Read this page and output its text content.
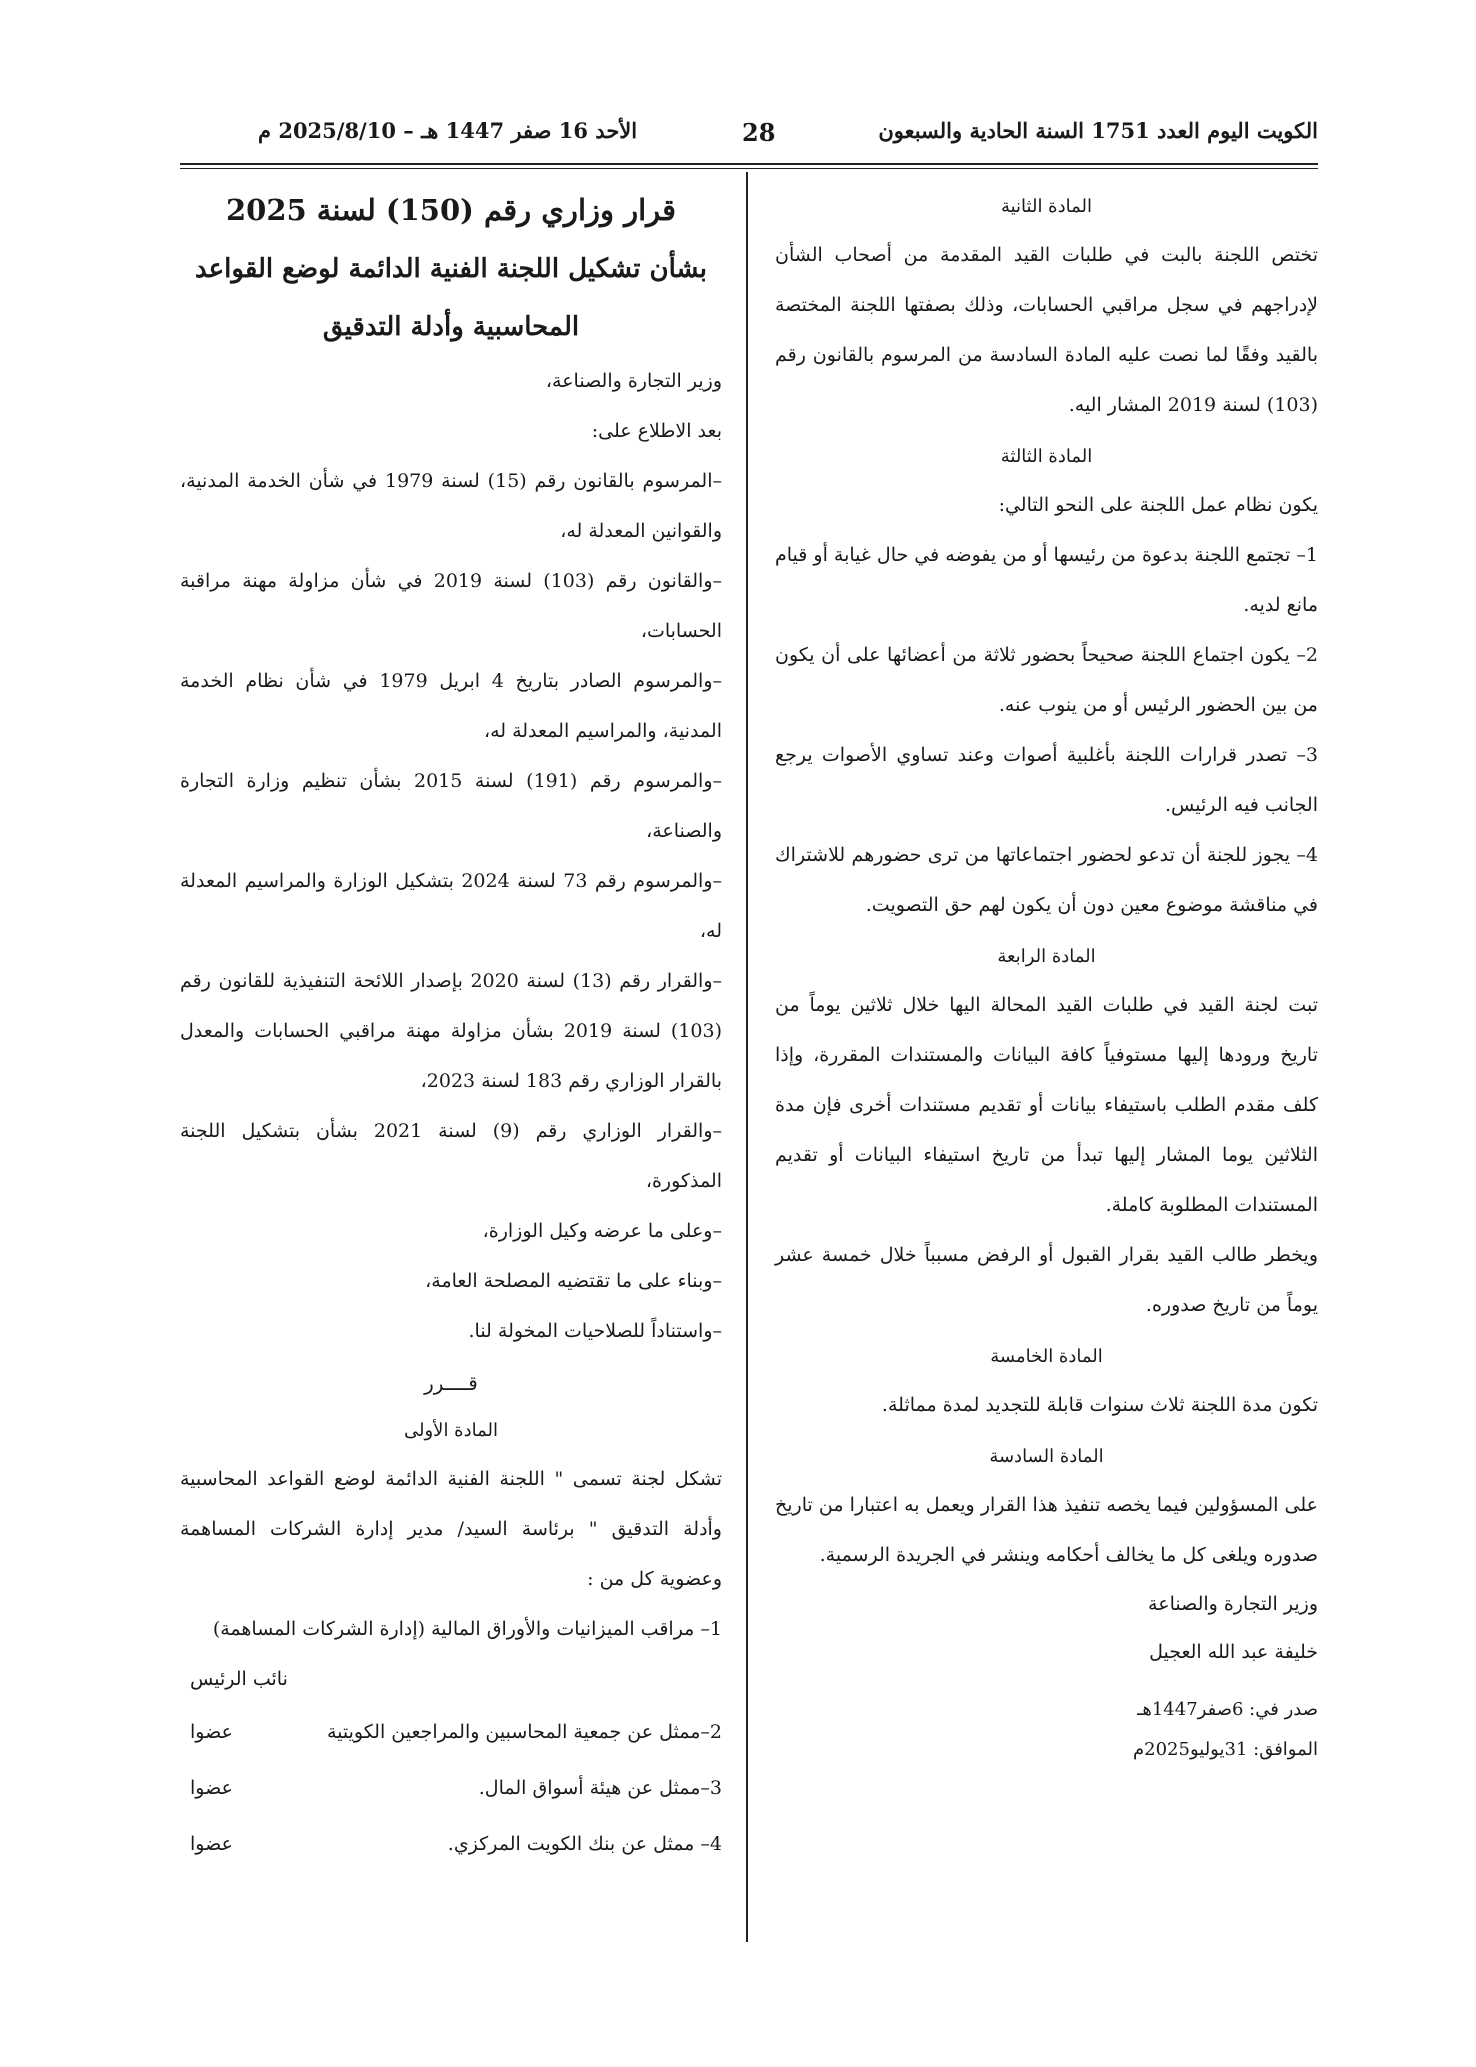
الأحد 16 صفر 1447 هـ – 2025/8/10 م	28	الكويت اليوم العدد 1751 السنة الحادية والسبعون
المادة الثانية

تختص اللجنة بالبت في طلبات القيد المقدمة من أصحاب الشأن لإدراجهم في سجل مراقبي الحسابات، وذلك بصفتها اللجنة المختصة بالقيد وفقًا لما نصت عليه المادة السادسة من المرسوم بالقانون رقم (103) لسنة 2019 المشار اليه.

المادة الثالثة

يكون نظام عمل اللجنة على النحو التالي:

1– تجتمع اللجنة بدعوة من رئيسها أو من يفوضه في حال غيابة أو قيام مانع لديه.

2– يكون اجتماع اللجنة صحيحاً بحضور ثلاثة من أعضائها على أن يكون من بين الحضور الرئيس أو من ينوب عنه.

3– تصدر قرارات اللجنة بأغلبية أصوات وعند تساوي الأصوات يرجع الجانب فيه الرئيس.

4– يجوز للجنة أن تدعو لحضور اجتماعاتها من ترى حضورهم للاشتراك في مناقشة موضوع معين دون أن يكون لهم حق التصويت.

المادة الرابعة

تبت لجنة القيد في طلبات القيد المحالة اليها خلال ثلاثين يوماً من تاريخ ورودها إليها مستوفياً كافة البيانات والمستندات المقررة، وإذا كلف مقدم الطلب باستيفاء بيانات أو تقديم مستندات أخرى فإن مدة الثلاثين يوما المشار إليها تبدأ من تاريخ استيفاء البيانات أو تقديم المستندات المطلوبة كاملة.

ويخطر طالب القيد بقرار القبول أو الرفض مسبباً خلال خمسة عشر يوماً من تاريخ صدوره.

المادة الخامسة

تكون مدة اللجنة ثلاث سنوات قابلة للتجديد لمدة مماثلة.

المادة السادسة

على المسؤولين فيما يخصه تنفيذ هذا القرار ويعمل به اعتبارا من تاريخ صدوره ويلغى كل ما يخالف أحكامه وينشر في الجريدة الرسمية.

وزير التجارة والصناعة

خليفة عبد الله العجيل

صدر في: 6صفر1447هـ

الموافق: 31يوليو2025م

قرار وزاري رقم (150) لسنة 2025
بشأن تشكيل اللجنة الفنية الدائمة لوضع القواعد المحاسبية وأدلة التدقيق

وزير التجارة والصناعة،

بعد الاطلاع على:

–المرسوم بالقانون رقم (15) لسنة 1979 في شأن الخدمة المدنية، والقوانين المعدلة له،

–والقانون رقم (103) لسنة 2019 في شأن مزاولة مهنة مراقبة الحسابات،

–والمرسوم الصادر بتاريخ 4 ابريل 1979 في شأن نظام الخدمة المدنية، والمراسيم المعدلة له،

–والمرسوم رقم (191) لسنة 2015 بشأن تنظيم وزارة التجارة والصناعة،

–والمرسوم رقم 73 لسنة 2024 بتشكيل الوزارة والمراسيم المعدلة له،

–والقرار رقم (13) لسنة 2020 بإصدار اللائحة التنفيذية للقانون رقم (103) لسنة 2019 بشأن مزاولة مهنة مراقبي الحسابات والمعدل بالقرار الوزاري رقم 183 لسنة 2023،

–والقرار الوزاري رقم (9) لسنة 2021 بشأن بتشكيل اللجنة المذكورة،

–وعلى ما عرضه وكيل الوزارة،

–وبناء على ما تقتضيه المصلحة العامة،

–واستناداً للصلاحيات المخولة لنا.

قــــرر
المادة الأولى

تشكل لجنة تسمى " اللجنة الفنية الدائمة لوضع القواعد المحاسبية وأدلة التدقيق " برئاسة السيد/ مدير إدارة الشركات المساهمة وعضوية كل من :

1– مراقب الميزانيات والأوراق المالية (إدارة الشركات المساهمة)

نائب الرئيس

2–ممثل عن جمعية المحاسبين والمراجعين الكويتية
عضوا
3–ممثل عن هيئة أسواق المال.
عضوا
4– ممثل عن بنك الكويت المركزي.
عضوا
